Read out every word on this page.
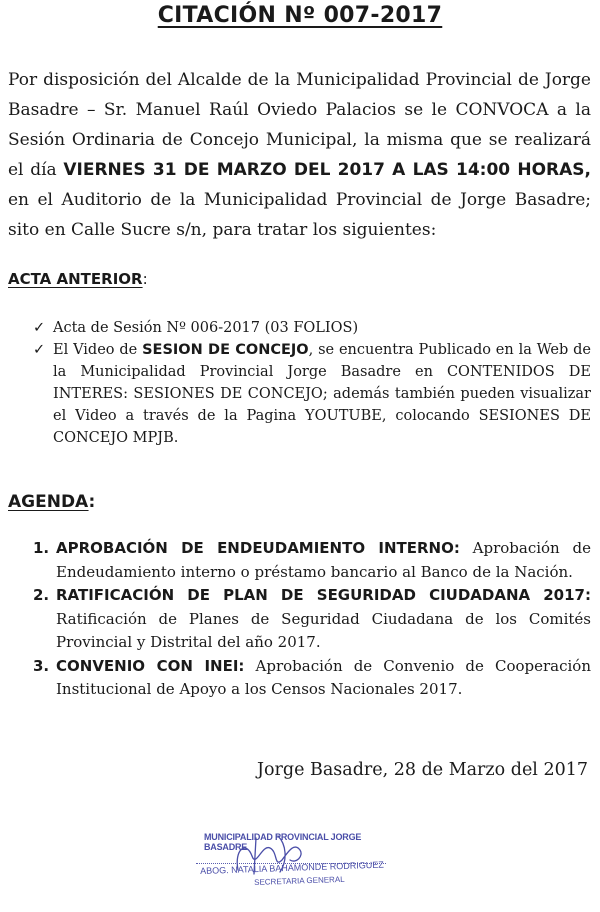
CITACIÓN Nº 007-2017
Por disposición del Alcalde de la Municipalidad Provincial de Jorge Basadre – Sr. Manuel Raúl Oviedo Palacios se le CONVOCA a la Sesión Ordinaria de Concejo Municipal, la misma que se realizará el día VIERNES 31 DE MARZO DEL 2017 A LAS 14:00 HORAS, en el Auditorio de la Municipalidad Provincial de Jorge Basadre; sito en Calle Sucre s/n, para tratar los siguientes:
ACTA ANTERIOR:
✓ Acta de Sesión Nº 006-2017 (03 FOLIOS)
✓ El Video de SESION DE CONCEJO, se encuentra Publicado en la Web de la Municipalidad Provincial Jorge Basadre en CONTENIDOS DE INTERES: SESIONES DE CONCEJO; además también pueden visualizar el Video a través de la Pagina YOUTUBE, colocando SESIONES DE CONCEJO MPJB.
AGENDA:
1. APROBACIÓN DE ENDEUDAMIENTO INTERNO: Aprobación de Endeudamiento interno o préstamo bancario al Banco de la Nación.
2. RATIFICACIÓN DE PLAN DE SEGURIDAD CIUDADANA 2017: Ratificación de Planes de Seguridad Ciudadana de los Comités Provincial y Distrital del año 2017.
3. CONVENIO CON INEI: Aprobación de Convenio de Cooperación Institucional de Apoyo a los Censos Nacionales 2017.
Jorge Basadre, 28 de Marzo del 2017
MUNICIPALIDAD PROVINCIAL JORGE BASADRE
ABOG. NATALIA BAHAMONDE RODRIGUEZ
SECRETARIA GENERAL
